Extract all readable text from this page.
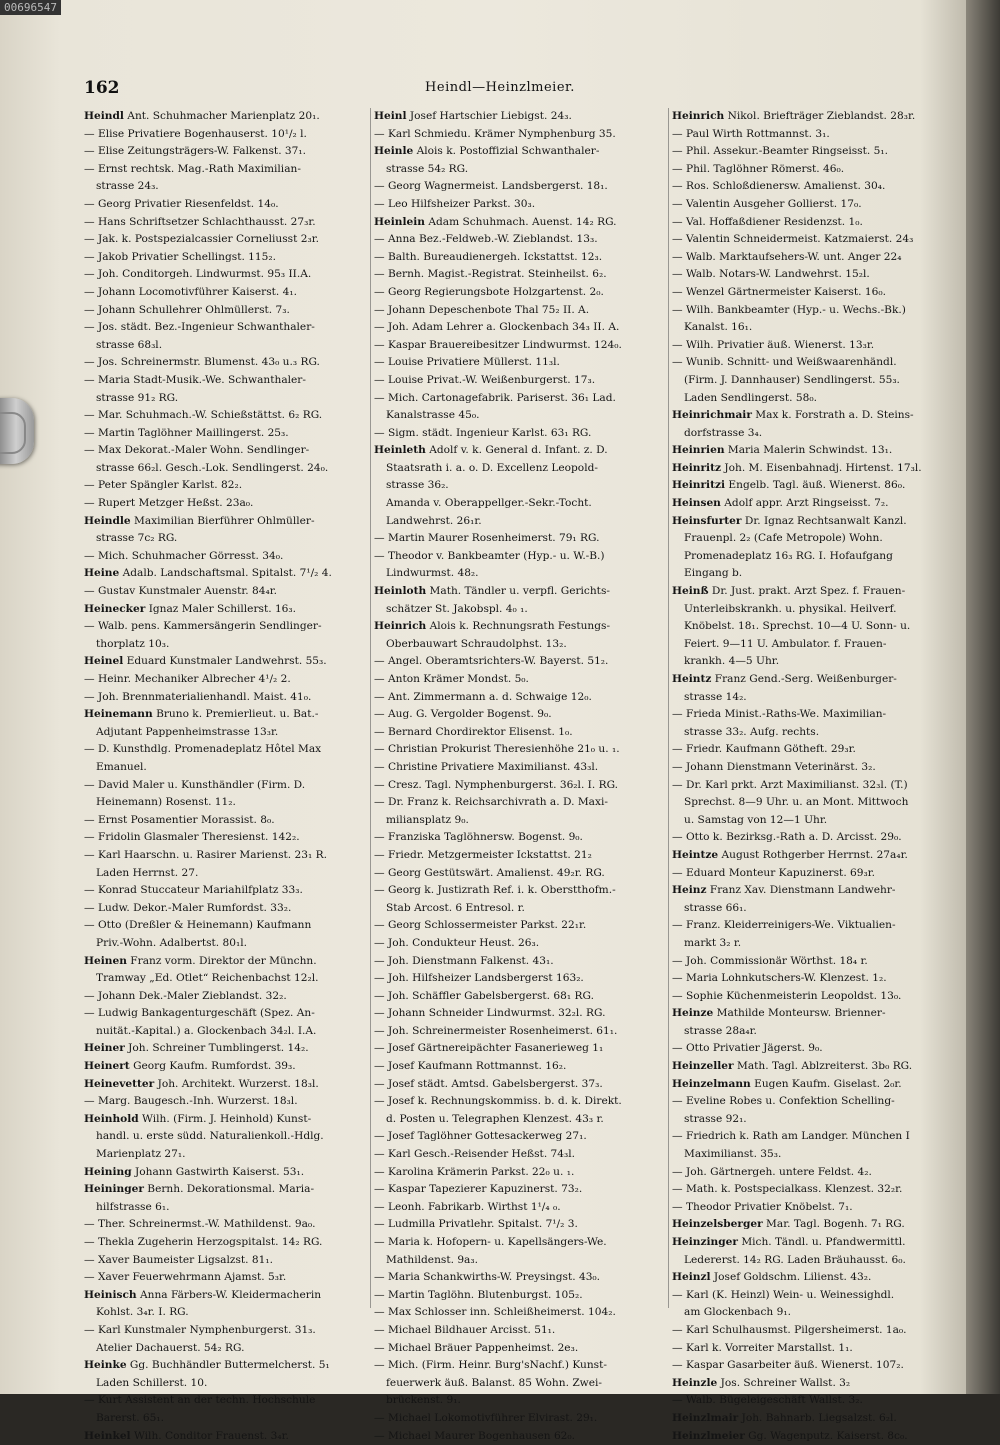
00696547
162	Heindl—Heinzlmeier.
Heindl Ant. Schuhmacher Marienplatz 20₁.
— Elise Privatiere Bogenhauserst. 10¹/₂ l.
— Elise Zeitungsträgers-W. Falkenst. 37₁.
— Ernst rechtsk. Mag.-Rath Maximilian-
strasse 24₃.
— Georg Privatier Riesenfeldst. 14₀.
— Hans Schriftsetzer Schlachthausst. 27₃r.
— Jak. k. Postspezialcassier Corneliusst 2₃r.
— Jakob Privatier Schellingst. 115₂.
— Joh. Conditorgeh. Lindwurmst. 95₃ II.A.
— Johann Locomotivführer Kaiserst. 4₁.
— Johann Schullehrer Ohlmüllerst. 7₃.
— Jos. städt. Bez.-Ingenieur Schwanthaler-
strasse 68₃l.
— Jos. Schreinermstr. Blumenst. 43₀ u.₃ RG.
— Maria Stadt-Musik.-We. Schwanthaler-
strasse 91₂ RG.
— Mar. Schuhmach.-W. Schießstättst. 6₂ RG.
— Martin Taglöhner Maillingerst. 25₃.
— Max Dekorat.-Maler Wohn. Sendlinger-
strasse 66₂l. Gesch.-Lok. Sendlingerst. 24₀.
— Peter Spängler Karlst. 82₂.
— Rupert Metzger Heßst. 23a₀.
Heindle Maximilian Bierführer Ohlmüller-
strasse 7c₂ RG.
— Mich. Schuhmacher Görresst. 34₀.
Heine Adalb. Landschaftsmal. Spitalst. 7¹/₂ 4.
— Gustav Kunstmaler Auenstr. 84₄r.
Heinecker Ignaz Maler Schillerst. 16₃.
— Walb. pens. Kammersängerin Sendlinger-
thorplatz 10₃.
Heinel Eduard Kunstmaler Landwehrst. 55₃.
— Heinr. Mechaniker Albrecher 4¹/₂ 2.
— Joh. Brennmaterialienhandl. Maist. 41₀.
Heinemann Bruno k. Premierlieut. u. Bat.-
Adjutant Pappenheimstrasse 13₃r.
— D. Kunsthdlg. Promenadeplatz Hôtel Max
Emanuel.
— David Maler u. Kunsthändler (Firm. D.
Heinemann) Rosenst. 11₂.
— Ernst Posamentier Morassist. 8₀.
— Fridolin Glasmaler Theresienst. 142₂.
— Karl Haarschn. u. Rasirer Marienst. 23₁ R.
Laden Herrnst. 27.
— Konrad Stuccateur Mariahilfplatz 33₃.
— Ludw. Dekor.-Maler Rumfordst. 33₂.
— Otto (Dreßler & Heinemann) Kaufmann
Priv.-Wohn. Adalbertst. 80₁l.
Heinen Franz vorm. Direktor der Münchn.
Tramway „Ed. Otlet“ Reichenbachst 12₂l.
— Johann Dek.-Maler Zieblandst. 32₂.
— Ludwig Bankagenturgeschäft (Spez. An-
nuität.-Kapital.) a. Glockenbach 34₂l. I.A.
Heiner Joh. Schreiner Tumblingerst. 14₂.
Heinert Georg Kaufm. Rumfordst. 39₃.
Heinevetter Joh. Architekt. Wurzerst. 18₃l.
— Marg. Baugesch.-Inh. Wurzerst. 18₃l.
Heinhold Wilh. (Firm. J. Heinhold) Kunst-
handl. u. erste südd. Naturalienkoll.-Hdlg.
Marienplatz 27₁.
Heining Johann Gastwirth Kaiserst. 53₁.
Heininger Bernh. Dekorationsmal. Maria-
hilfstrasse 6₁.
— Ther. Schreinermst.-W. Mathildenst. 9a₀.
— Thekla Zugeherin Herzogspitalst. 14₂ RG.
— Xaver Baumeister Ligsalzst. 81₁.
— Xaver Feuerwehrmann Ajamst. 5₃r.
Heinisch Anna Färbers-W. Kleidermacherin
Kohlst. 3₄r. I. RG.
— Karl Kunstmaler Nymphenburgerst. 31₃.
Atelier Dachauerst. 54₂ RG.
Heinke Gg. Buchhändler Buttermelcherst. 5₁
Laden Schillerst. 10.
— Kurt Assistent an der techn. Hochschule
Barerst. 65₁.
Heinkel Wilh. Conditor Frauenst. 3₄r.
Heinl Josef Hartschier Liebigst. 24₃.
— Karl Schmiedu. Krämer Nymphenburg 35.
Heinle Alois k. Postoffizial Schwanthaler-
strasse 54₂ RG.
— Georg Wagnermeist. Landsbergerst. 18₁.
— Leo Hilfsheizer Parkst. 30₃.
Heinlein Adam Schuhmach. Auenst. 14₂ RG.
— Anna Bez.-Feldweb.-W. Zieblandst. 13₃.
— Balth. Bureaudienergeh. Ickstattst. 12₃.
— Bernh. Magist.-Registrat. Steinheilst. 6₂.
— Georg Regierungsbote Holzgartenst. 2₀.
— Johann Depeschenbote Thal 75₂ II. A.
— Joh. Adam Lehrer a. Glockenbach 34₃ II. A.
— Kaspar Brauereibesitzer Lindwurmst. 124₀.
— Louise Privatiere Müllerst. 11₃l.
— Louise Privat.-W. Weißenburgerst. 17₃.
— Mich. Cartonagefabrik. Pariserst. 36₁ Lad.
Kanalstrasse 45₀.
— Sigm. städt. Ingenieur Karlst. 63₁ RG.
Heinleth Adolf v. k. General d. Infant. z. D.
Staatsrath i. a. o. D. Excellenz Leopold-
strasse 36₂.
Amanda v. Oberappellger.-Sekr.-Tocht.
Landwehrst. 26₁r.
— Martin Maurer Rosenheimerst. 79₁ RG.
— Theodor v. Bankbeamter (Hyp.- u. W.-B.)
Lindwurmst. 48₂.
Heinloth Math. Tändler u. verpfl. Gerichts-
schätzer St. Jakobspl. 4₀ ₁.
Heinrich Alois k. Rechnungsrath Festungs-
Oberbauwart Schraudolphst. 13₂.
— Angel. Oberamtsrichters-W. Bayerst. 51₂.
— Anton Krämer Mondst. 5₀.
— Ant. Zimmermann a. d. Schwaige 12₀.
— Aug. G. Vergolder Bogenst. 9₀.
— Bernard Chordirektor Elisenst. 1₀.
— Christian Prokurist Theresienhöhe 21₀ u. ₁.
— Christine Privatiere Maximilianst. 43₃l.
— Cresz. Tagl. Nymphenburgerst. 36₂l. I. RG.
— Dr. Franz k. Reichsarchivrath a. D. Maxi-
miliansplatz 9₀.
— Franziska Taglöhnersw. Bogenst. 9₀.
— Friedr. Metzgermeister Ickstattst. 21₂
— Georg Gestütswärt. Amalienst. 49₂r. RG.
— Georg k. Justizrath Ref. i. k. Oberstthofm.-
Stab Arcost. 6 Entresol. r.
— Georg Schlossermeister Parkst. 22₁r.
— Joh. Condukteur Heust. 26₃.
— Joh. Dienstmann Falkenst. 43₁.
— Joh. Hilfsheizer Landsbergerst 163₂.
— Joh. Schäffler Gabelsbergerst. 68₁ RG.
— Johann Schneider Lindwurmst. 32₂l. RG.
— Joh. Schreinermeister Rosenheimerst. 61₁.
— Josef Gärtnereipächter Fasanerieweg 1₁
— Josef Kaufmann Rottmannst. 16₂.
— Josef städt. Amtsd. Gabelsbergerst. 37₃.
— Josef k. Rechnungskommiss. b. d. k. Direkt.
d. Posten u. Telegraphen Klenzest. 43₃ r.
— Josef Taglöhner Gottesackerweg 27₁.
— Karl Gesch.-Reisender Heßst. 74₃l.
— Karolina Krämerin Parkst. 22₀ u. ₁.
— Kaspar Tapezierer Kapuzinerst. 73₂.
— Leonh. Fabrikarb. Wirthst 1¹/₄ ₀.
— Ludmilla Privatlehr. Spitalst. 7¹/₂ 3.
— Maria k. Hofopern- u. Kapellsängers-We.
Mathildenst. 9a₃.
— Maria Schankwirths-W. Preysingst. 43₀.
— Martin Taglöhn. Blutenburgst. 105₂.
— Max Schlosser inn. Schleißheimerst. 104₂.
— Michael Bildhauer Arcisst. 51₁.
— Michael Bräuer Pappenheimst. 2e₃.
— Mich. (Firm. Heinr. Burg'sNachf.) Kunst-
feuerwerk äuß. Balanst. 85 Wohn. Zwei-
brückenst. 9₁.
— Michael Lokomotivführer Elvirast. 29₁.
— Michael Maurer Bogenhausen 62₀.
Heinrich Nikol. Briefträger Zieblandst. 28₃r.
— Paul Wirth Rottmannst. 3₁.
— Phil. Assekur.-Beamter Ringseisst. 5₁.
— Phil. Taglöhner Römerst. 46₀.
— Ros. Schloßdienersw. Amalienst. 30₄.
— Valentin Ausgeher Gollierst. 17₀.
— Val. Hoffaßdiener Residenzst. 1₀.
— Valentin Schneidermeist. Katzmaierst. 24₃
— Walb. Marktaufsehers-W. unt. Anger 22₄
— Walb. Notars-W. Landwehrst. 15₂l.
— Wenzel Gärtnermeister Kaiserst. 16₀.
— Wilh. Bankbeamter (Hyp.- u. Wechs.-Bk.)
Kanalst. 16₁.
— Wilh. Privatier äuß. Wienerst. 13₃r.
— Wunib. Schnitt- und Weißwaarenhändl.
(Firm. J. Dannhauser) Sendlingerst. 55₃.
Laden Sendlingerst. 58₀.
Heinrichmair Max k. Forstrath a. D. Steins-
dorfstrasse 3₄.
Heinrien Maria Malerin Schwindst. 13₁.
Heinritz Joh. M. Eisenbahnadj. Hirtenst. 17₃l.
Heinritzi Engelb. Tagl. äuß. Wienerst. 86₀.
Heinsen Adolf appr. Arzt Ringseisst. 7₂.
Heinsfurter Dr. Ignaz Rechtsanwalt Kanzl.
Frauenpl. 2₂ (Cafe Metropole) Wohn.
Promenadeplatz 16₃ RG. I. Hofaufgang
Eingang b.
Heinß Dr. Just. prakt. Arzt Spez. f. Frauen-
Unterleibskrankh. u. physikal. Heilverf.
Knöbelst. 18₁. Sprechst. 10—4 U. Sonn- u.
Feiert. 9—11 U. Ambulator. f. Frauen-
krankh. 4—5 Uhr.
Heintz Franz Gend.-Serg. Weißenburger-
strasse 14₂.
— Frieda Minist.-Raths-We. Maximilian-
strasse 33₂. Aufg. rechts.
— Friedr. Kaufmann Götheft. 29₃r.
— Johann Dienstmann Veterinärst. 3₂.
— Dr. Karl prkt. Arzt Maximilianst. 32₃l. (T.)
Sprechst. 8—9 Uhr. u. an Mont. Mittwoch
u. Samstag von 12—1 Uhr.
— Otto k. Bezirksg.-Rath a. D. Arcisst. 29₀.
Heintze August Rothgerber Herrnst. 27a₄r.
— Eduard Monteur Kapuzinerst. 69₃r.
Heinz Franz Xav. Dienstmann Landwehr-
strasse 66₁.
— Franz. Kleiderreinigers-We. Viktualien-
markt 3₂ r.
— Joh. Commissionär Wörthst. 18₄ r.
— Maria Lohnkutschers-W. Klenzest. 1₂.
— Sophie Küchenmeisterin Leopoldst. 13₀.
Heinze Mathilde Monteursw. Brienner-
strasse 28a₄r.
— Otto Privatier Jägerst. 9₀.
Heinzeller Math. Tagl. Ablzreiterst. 3b₀ RG.
Heinzelmann Eugen Kaufm. Giselast. 2₀r.
— Eveline Robes u. Confektion Schelling-
strasse 92₁.
— Friedrich k. Rath am Landger. München I
Maximilianst. 35₃.
— Joh. Gärtnergeh. untere Feldst. 4₂.
— Math. k. Postspecialkass. Klenzest. 32₂r.
— Theodor Privatier Knöbelst. 7₁.
Heinzelsberger Mar. Tagl. Bogenh. 7₁ RG.
Heinzinger Mich. Tändl. u. Pfandwermittl.
Ledererst. 14₂ RG. Laden Bräuhausst. 6₀.
Heinzl Josef Goldschm. Lilienst. 43₂.
— Karl (K. Heinzl) Wein- u. Weinessighdl.
am Glockenbach 9₁.
— Karl Schulhausmst. Pilgersheimerst. 1a₀.
— Karl k. Vorreiter Marstallst. 1₁.
— Kaspar Gasarbeiter äuß. Wienerst. 107₂.
Heinzle Jos. Schreiner Wallst. 3₂
— Walb. Bügeleigeschäft Wallst. 3₂.
Heinzlmair Joh. Bahnarb. Liegsalzst. 6₂l.
Heinzlmeier Gg. Wagenputz. Kaiserst. 8c₀.
